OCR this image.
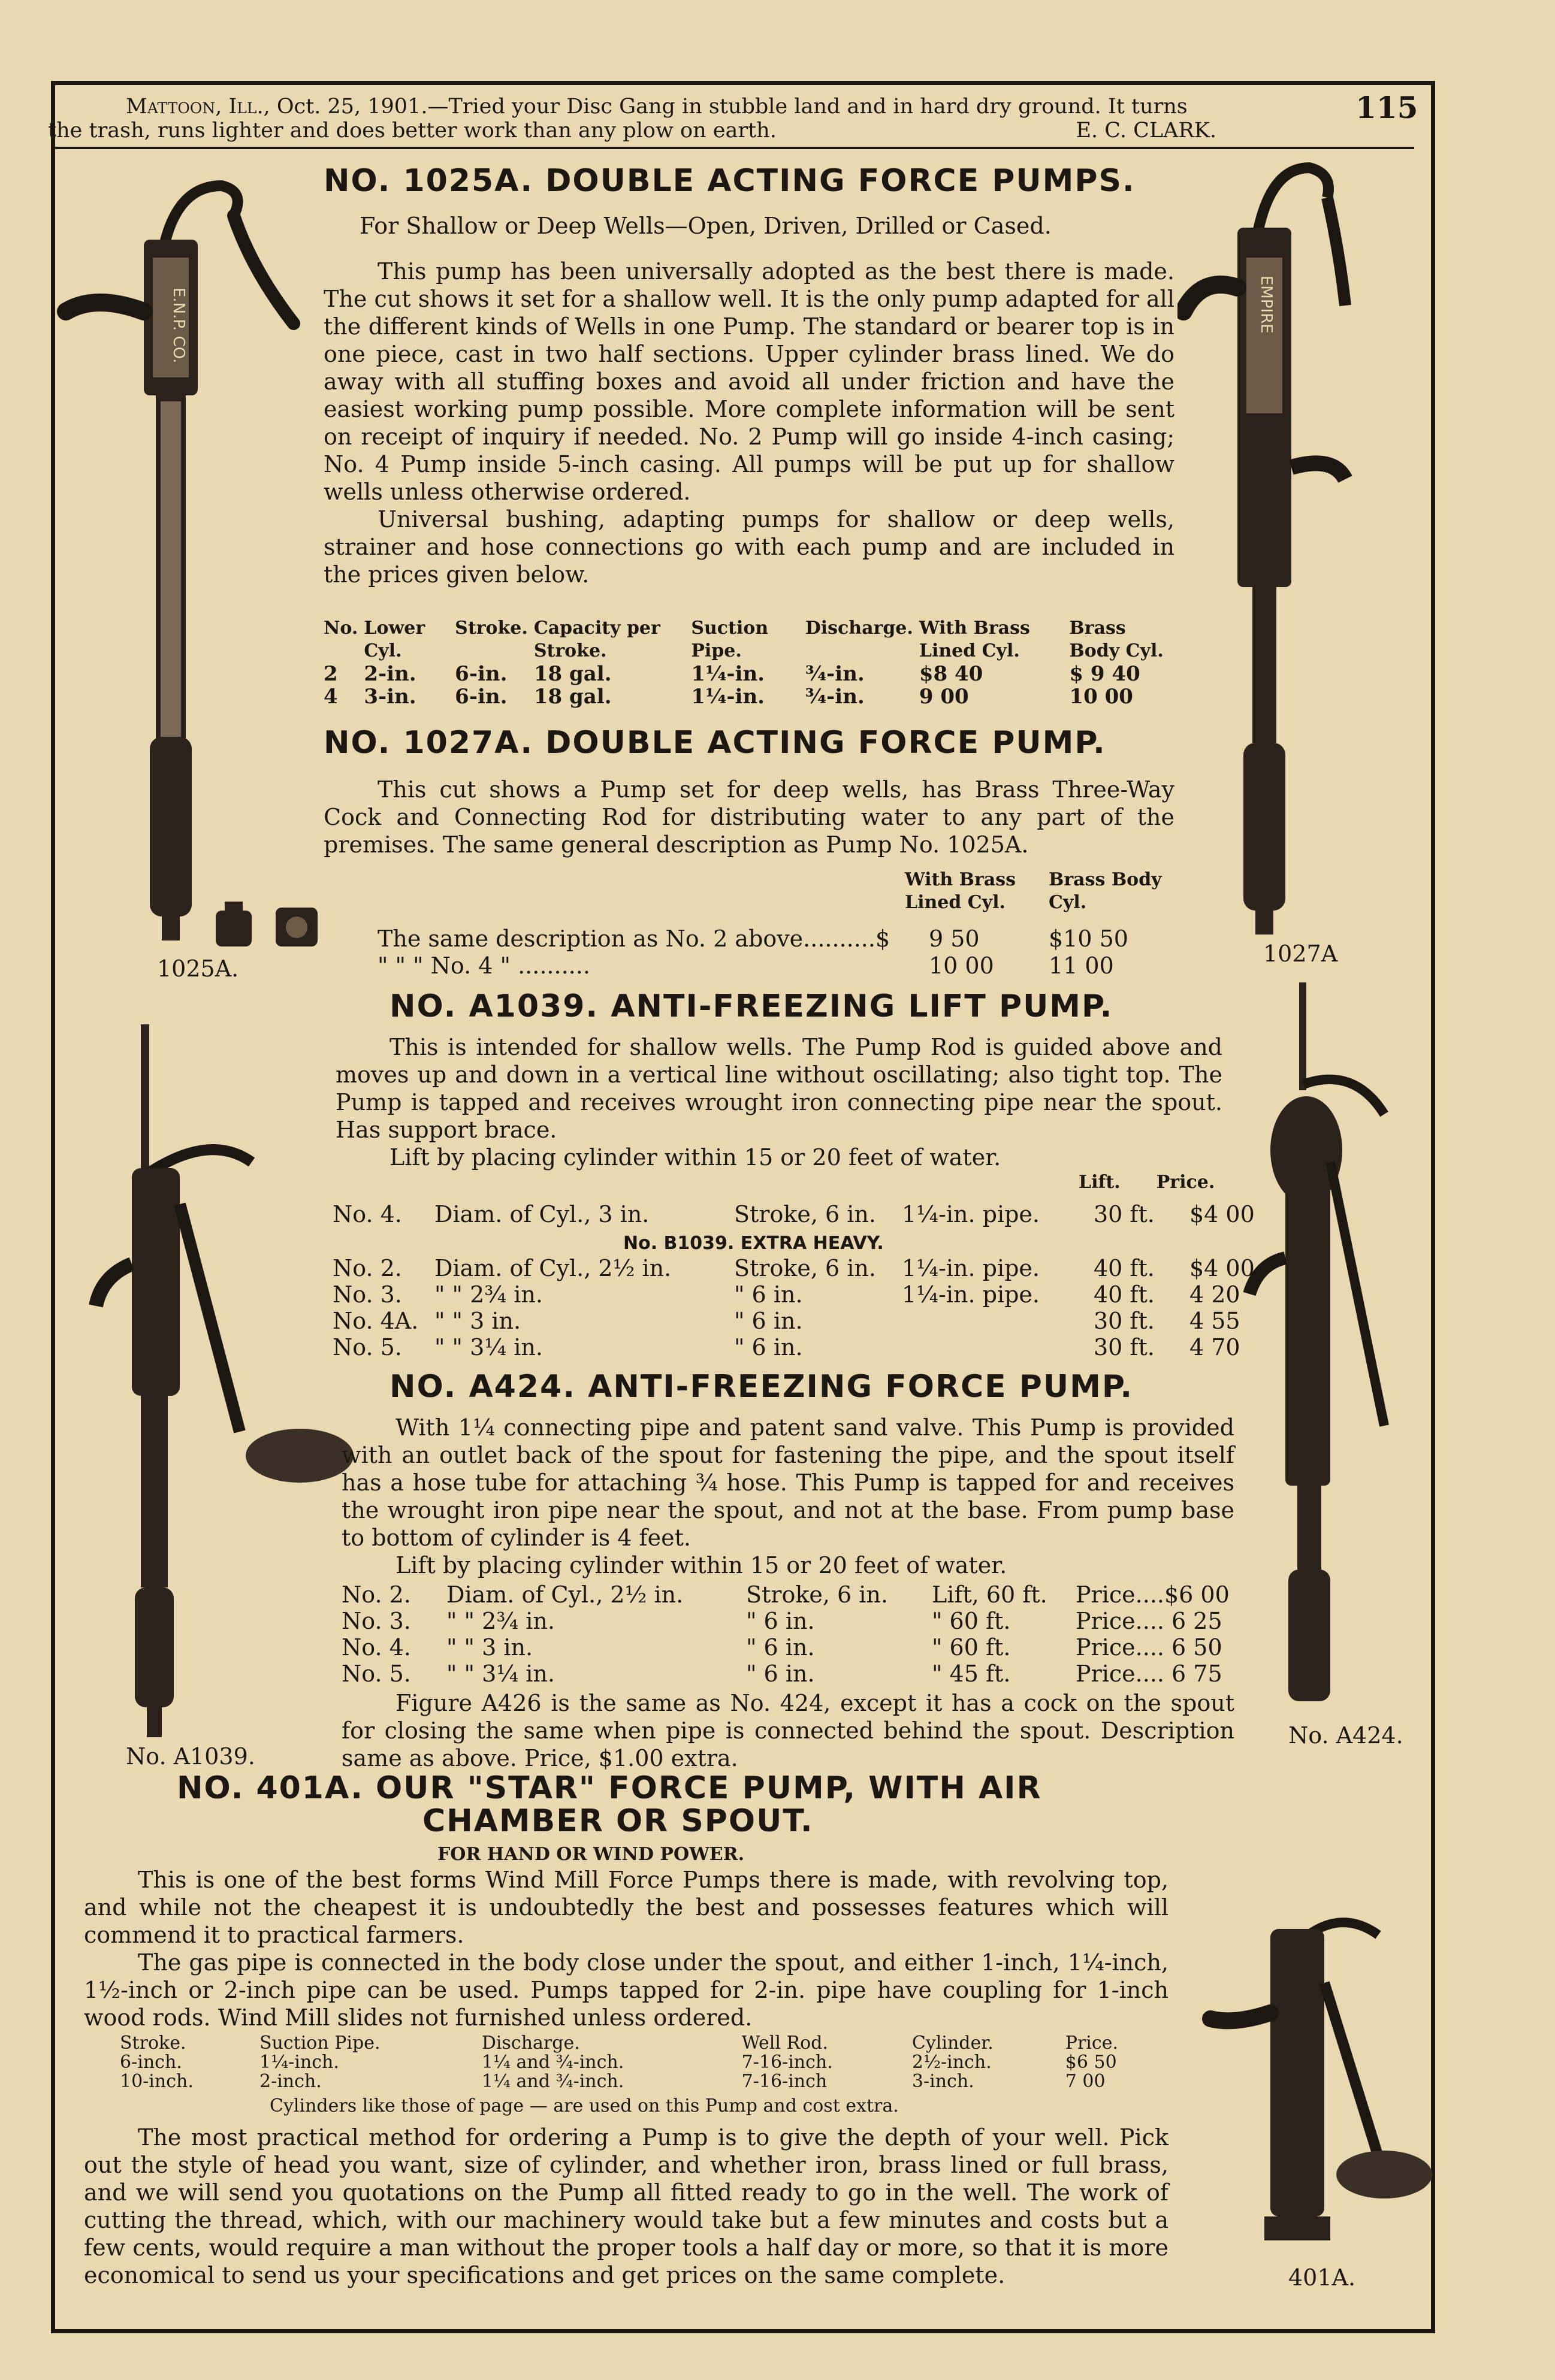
Mattoon, Ill., Oct. 25, 1901.—Tried your Disc Gang in stubble land and in hard dry ground. It turns
the trash, runs lighter and does better work than any plow on earth.	E. C. CLARK.
115
E.N.P. CO.
1025A.
EMPIRE
1027A
No. A1039.
No. A424.
401A.
NO. 1025A. DOUBLE ACTING FORCE PUMPS.
For Shallow or Deep Wells—Open, Driven, Drilled or Cased.

This pump has been universally adopted as the best there is made. The cut shows it set for a shallow well. It is the only pump adapted for all the different kinds of Wells in one Pump. The standard or bearer top is in one piece, cast in two half sections. Upper cylinder brass lined. We do away with all stuffing boxes and avoid all under friction and have the easiest working pump possible. More complete information will be sent on receipt of inquiry if needed. No. 2 Pump will go inside 4-inch casing; No. 4 Pump inside 5-inch casing. All pumps will be put up for shallow wells unless otherwise ordered.

Universal bushing, adapting pumps for shallow or deep wells, strainer and hose connections go with each pump and are included in the prices given below.

No.	Lower Cyl.	Stroke.	Capacity per Stroke.	Suction Pipe.	Discharge.	With Brass Lined Cyl.	Brass Body Cyl.
2	2-in.	6-in.	18 gal.	1¼-in.	¾-in.	$8 40	$ 9 40
4	3-in.	6-in.	18 gal.	1¼-in.	¾-in.	9 00	10 00
NO. 1027A. DOUBLE ACTING FORCE PUMP.

This cut shows a Pump set for deep wells, has Brass Three-Way Cock and Connecting Rod for distributing water to any part of the premises. The same general description as Pump No. 1025A.

With Brass Lined Cyl.
Brass Body Cyl.
The same description as No. 2 above..........$	9 50	$10 50
" " " No. 4 " ..........	10 00	11 00
NO. A1039. ANTI-FREEZING LIFT PUMP.

This is intended for shallow wells. The Pump Rod is guided above and moves up and down in a vertical line without oscillating; also tight top. The Pump is tapped and receives wrought iron connecting pipe near the spout. Has support brace.

Lift by placing cylinder within 15 or 20 feet of water.

Lift. Price.
No. 4.	Diam. of Cyl., 3 in.	Stroke, 6 in.	1¼-in. pipe.	30 ft.	$4 00
No. B1039. EXTRA HEAVY.
No. 2.	Diam. of Cyl., 2½ in.	Stroke, 6 in.	1¼-in. pipe.	40 ft.	$4 00
No. 3.	" " 2¾ in.	" 6 in.	1¼-in. pipe.	40 ft.	4 20
No. 4A.	" " 3 in.	" 6 in.		30 ft.	4 55
No. 5.	" " 3¼ in.	" 6 in.		30 ft.	4 70
NO. A424. ANTI-FREEZING FORCE PUMP.

With 1¼ connecting pipe and patent sand valve. This Pump is provided with an outlet back of the spout for fastening the pipe, and the spout itself has a hose tube for attaching ¾ hose. This Pump is tapped for and receives the wrought iron pipe near the spout, and not at the base. From pump base to bottom of cylinder is 4 feet.

Lift by placing cylinder within 15 or 20 feet of water.

No. 2.	Diam. of Cyl., 2½ in.	Stroke, 6 in.	Lift, 60 ft.	Price....$6 00
No. 3.	" " 2¾ in.	" 6 in.	" 60 ft.	Price.... 6 25
No. 4.	" " 3 in.	" 6 in.	" 60 ft.	Price.... 6 50
No. 5.	" " 3¼ in.	" 6 in.	" 45 ft.	Price.... 6 75

Figure A426 is the same as No. 424, except it has a cock on the spout for closing the same when pipe is connected behind the spout. Description same as above. Price, $1.00 extra.

NO. 401A. OUR "STAR" FORCE PUMP, WITH AIR
CHAMBER OR SPOUT.
FOR HAND OR WIND POWER.

This is one of the best forms Wind Mill Force Pumps there is made, with revolving top, and while not the cheapest it is undoubtedly the best and possesses features which will commend it to practical farmers.

The gas pipe is connected in the body close under the spout, and either 1-inch, 1¼-inch, 1½-inch or 2-inch pipe can be used. Pumps tapped for 2-in. pipe have coupling for 1-inch wood rods. Wind Mill slides not furnished unless ordered.

Stroke.	Suction Pipe.	Discharge.	Well Rod.	Cylinder.	Price.
6-inch.	1¼-inch.	1¼ and ¾-inch.	7-16-inch.	2½-inch.	$6 50
10-inch.	2-inch.	1¼ and ¾-inch.	7-16-inch	3-inch.	7 00
Cylinders like those of page — are used on this Pump and cost extra.

The most practical method for ordering a Pump is to give the depth of your well. Pick out the style of head you want, size of cylinder, and whether iron, brass lined or full brass, and we will send you quotations on the Pump all fitted ready to go in the well. The work of cutting the thread, which, with our machinery would take but a few minutes and costs but a few cents, would require a man without the proper tools a half day or more, so that it is more economical to send us your specifications and get prices on the same complete.
